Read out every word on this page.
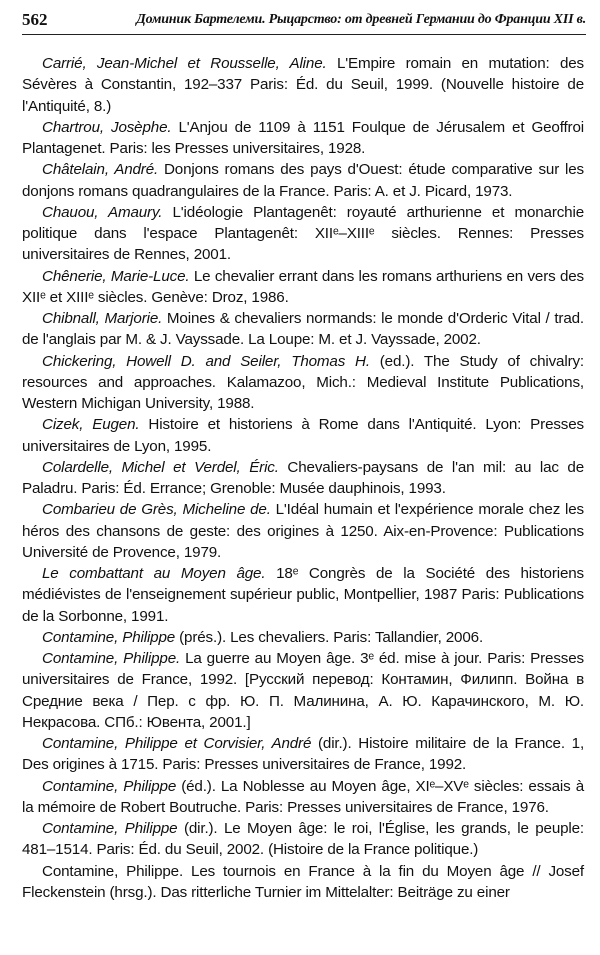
562	Доминик Бартелеми. Рыцарство: от древней Германии до Франции XII в.

Carrié, Jean-Michel et Rousselle, Aline. L'Empire romain en mutation: des Sévères à Constantin, 192–337 Paris: Éd. du Seuil, 1999. (Nouvelle histoire de l'Antiquité, 8.)

Chartrou, Josèphe. L'Anjou de 1109 à 1151 Foulque de Jérusalem et Geoffroi Plantagenet. Paris: les Presses universitaires, 1928.

Châtelain, André. Donjons romans des pays d'Ouest: étude comparative sur les donjons romans quadrangulaires de la France. Paris: A. et J. Picard, 1973.

Chauou, Amaury. L'idéologie Plantagenêt: royauté arthurienne et monarchie politique dans l'espace Plantagenêt: XIIᵉ–XIIIᵉ siècles. Rennes: Presses universitaires de Rennes, 2001.

Chênerie, Marie-Luce. Le chevalier errant dans les romans arthuriens en vers des XIIᵉ et XIIIᵉ siècles. Genève: Droz, 1986.

Chibnall, Marjorie. Moines & chevaliers normands: le monde d'Orderic Vital / trad. de l'anglais par M. & J. Vayssade. La Loupe: M. et J. Vayssade, 2002.

Chickering, Howell D. and Seiler, Thomas H. (ed.). The Study of chivalry: resources and approaches. Kalamazoo, Mich.: Medieval Institute Publications, Western Michigan University, 1988.

Cizek, Eugen. Histoire et historiens à Rome dans l'Antiquité. Lyon: Presses universitaires de Lyon, 1995.

Colardelle, Michel et Verdel, Éric. Chevaliers-paysans de l'an mil: au lac de Paladru. Paris: Éd. Errance; Grenoble: Musée dauphinois, 1993.

Combarieu de Grès, Micheline de. L'Idéal humain et l'expérience morale chez les héros des chansons de geste: des origines à 1250. Aix-en-Provence: Publications Université de Provence, 1979.

Le combattant au Moyen âge. 18ᵉ Congrès de la Société des historiens médiévistes de l'enseignement supérieur public, Montpellier, 1987 Paris: Publications de la Sorbonne, 1991.

Contamine, Philippe (prés.). Les chevaliers. Paris: Tallandier, 2006.

Contamine, Philippe. La guerre au Moyen âge. 3ᵉ éd. mise à jour. Paris: Presses universitaires de France, 1992. [Русский перевод: Контамин, Филипп. Война в Средние века / Пер. с фр. Ю. П. Малинина, А. Ю. Карачинского, М. Ю. Некрасова. СПб.: Ювента, 2001.]

Contamine, Philippe et Corvisier, André (dir.). Histoire militaire de la France. 1, Des origines à 1715. Paris: Presses universitaires de France, 1992.

Contamine, Philippe (éd.). La Noblesse au Moyen âge, XIᵉ–XVᵉ siècles: essais à la mémoire de Robert Boutruche. Paris: Presses universitaires de France, 1976.

Contamine, Philippe (dir.). Le Moyen âge: le roi, l'Église, les grands, le peuple: 481–1514. Paris: Éd. du Seuil, 2002. (Histoire de la France politique.)

Contamine, Philippe. Les tournois en France à la fin du Moyen âge // Josef Fleckenstein (hrsg.). Das ritterliche Turnier im Mittelalter: Beiträge zu einer
